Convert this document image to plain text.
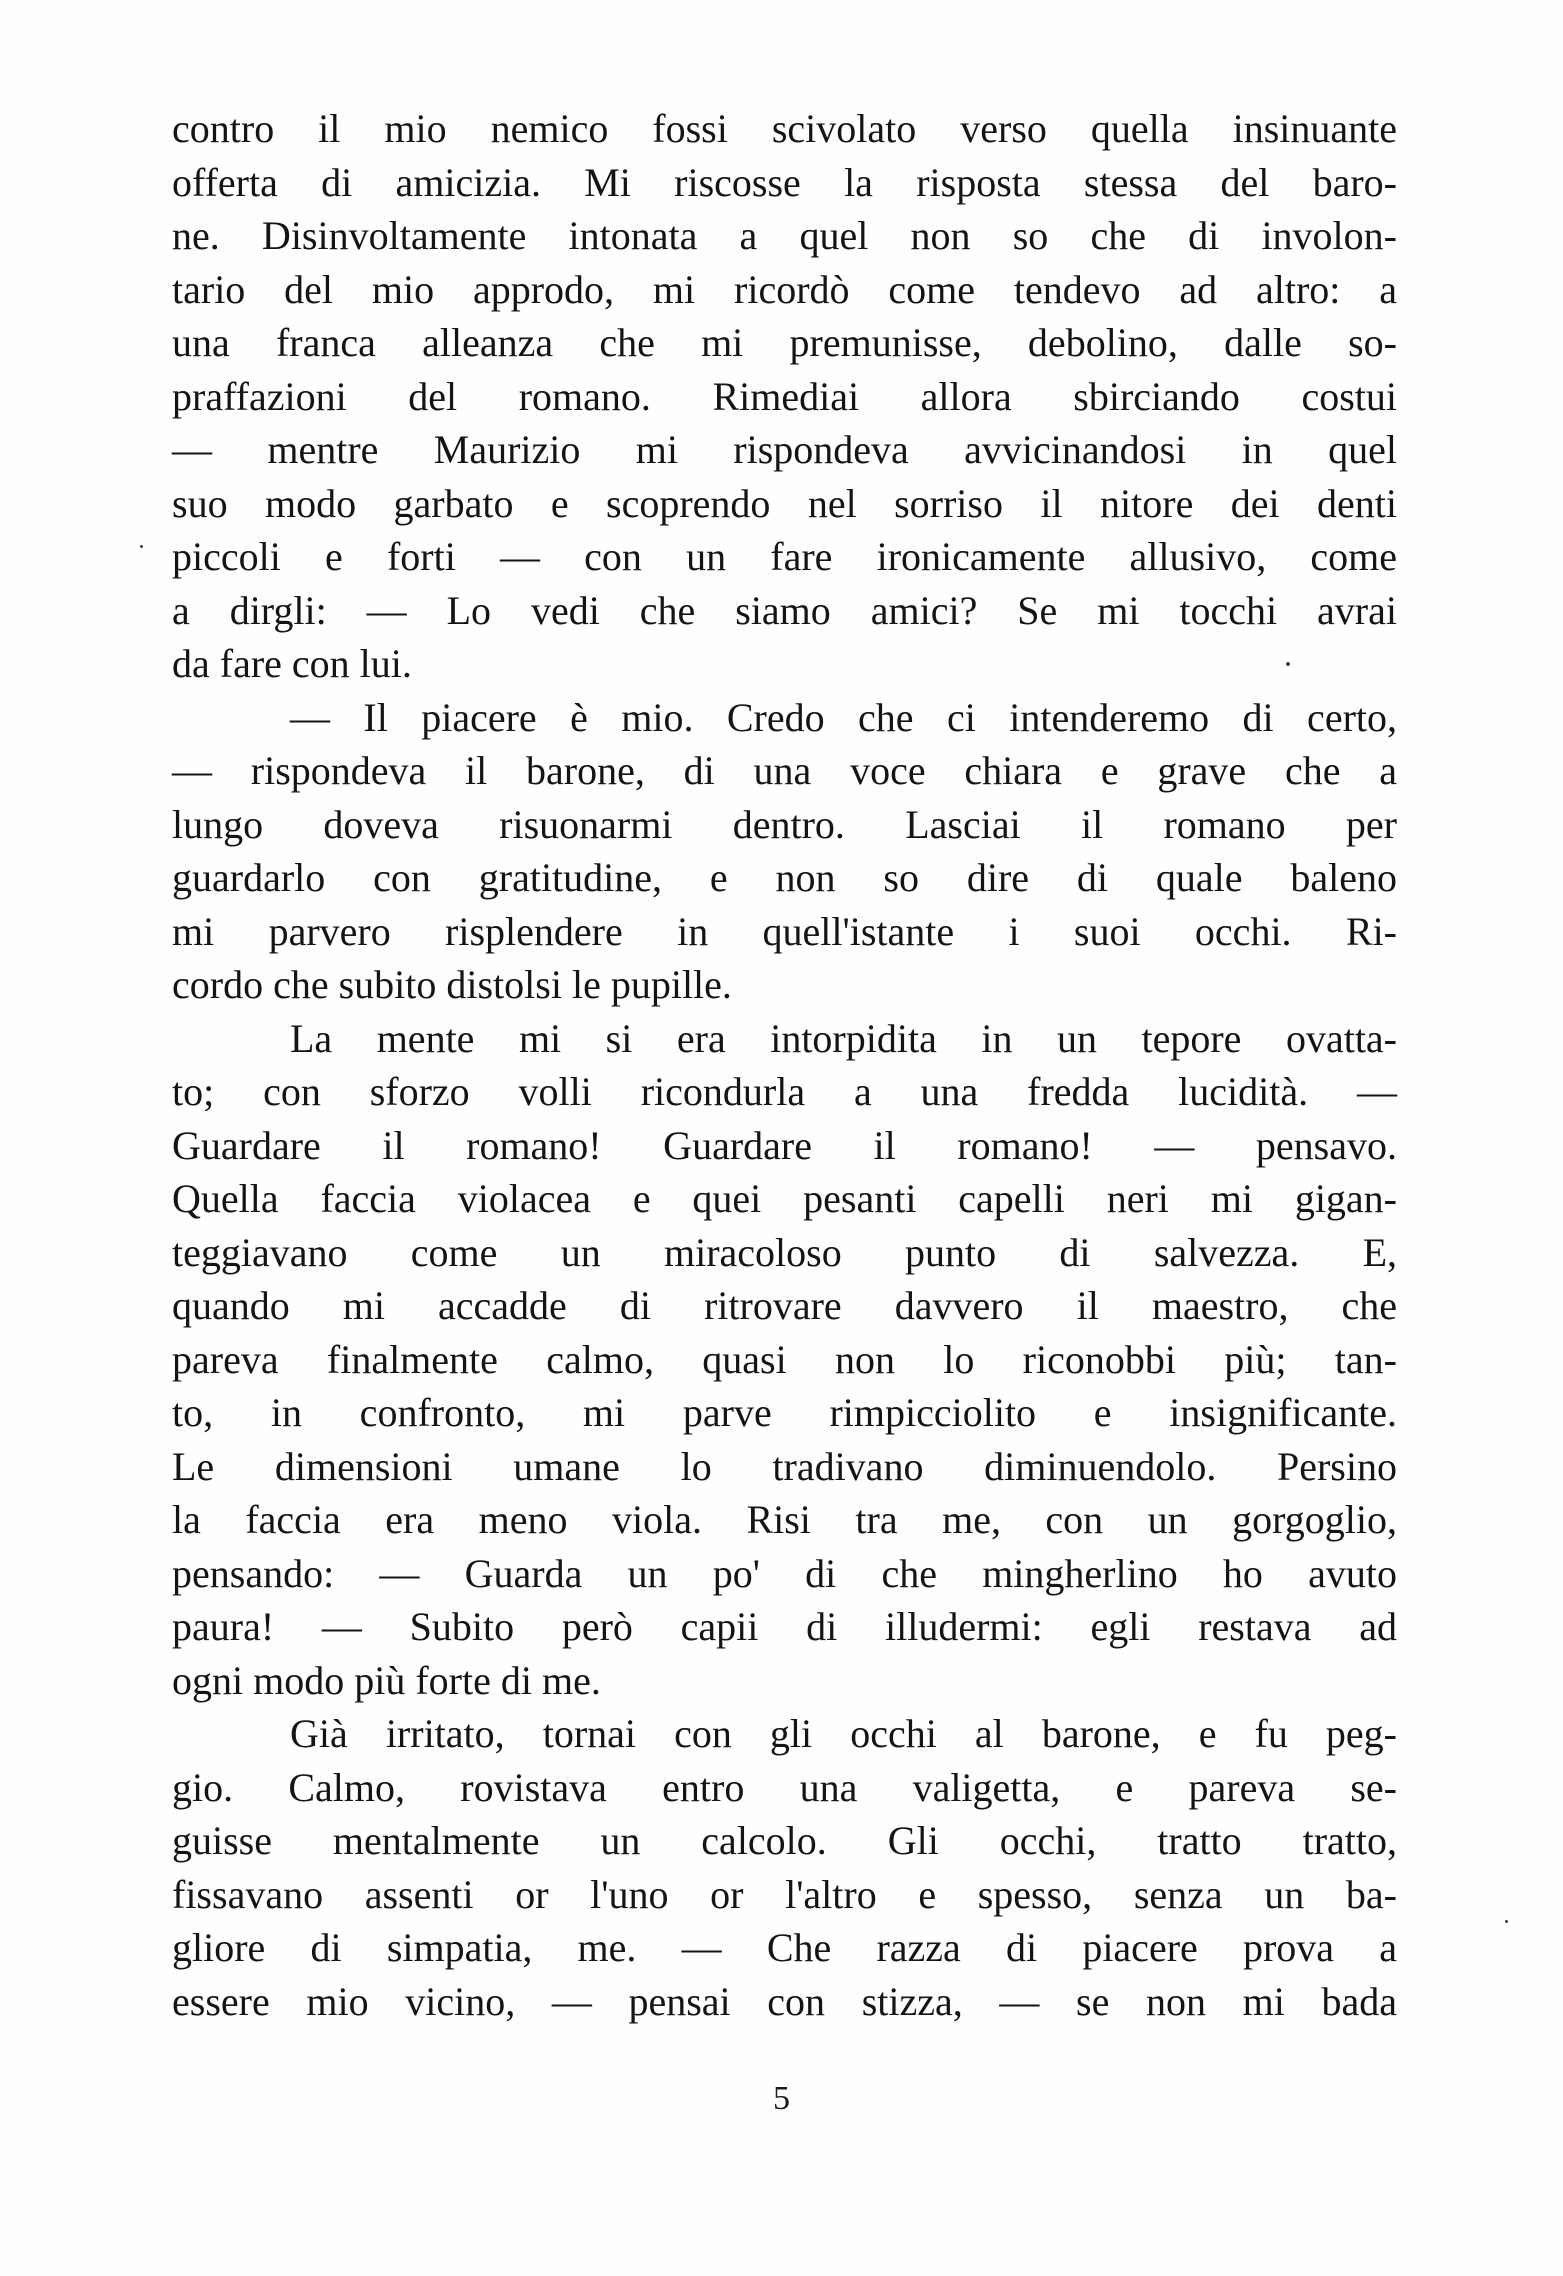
contro il mio nemico fossi scivolato verso quella insinuante
offerta di amicizia. Mi riscosse la risposta stessa del baro-
ne. Disinvoltamente intonata a quel non so che di involon-
tario del mio approdo, mi ricordò come tendevo ad altro: a
una franca alleanza che mi premunisse, debolino, dalle so-
praffazioni del romano. Rimediai allora sbirciando costui
— mentre Maurizio mi rispondeva avvicinandosi in quel
suo modo garbato e scoprendo nel sorriso il nitore dei denti
piccoli e forti — con un fare ironicamente allusivo, come
a dirgli: — Lo vedi che siamo amici? Se mi tocchi avrai
da fare con lui.
— Il piacere è mio. Credo che ci intenderemo di certo,
— rispondeva il barone, di una voce chiara e grave che a
lungo doveva risuonarmi dentro. Lasciai il romano per
guardarlo con gratitudine, e non so dire di quale baleno
mi parvero risplendere in quell'istante i suoi occhi. Ri-
cordo che subito distolsi le pupille.
La mente mi si era intorpidita in un tepore ovatta-
to; con sforzo volli ricondurla a una fredda lucidità. —
Guardare il romano! Guardare il romano! — pensavo.
Quella faccia violacea e quei pesanti capelli neri mi gigan-
teggiavano come un miracoloso punto di salvezza. E,
quando mi accadde di ritrovare davvero il maestro, che
pareva finalmente calmo, quasi non lo riconobbi più; tan-
to, in confronto, mi parve rimpicciolito e insignificante.
Le dimensioni umane lo tradivano diminuendolo. Persino
la faccia era meno viola. Risi tra me, con un gorgoglio,
pensando: — Guarda un po' di che mingherlino ho avuto
paura! — Subito però capii di illudermi: egli restava ad
ogni modo più forte di me.
Già irritato, tornai con gli occhi al barone, e fu peg-
gio. Calmo, rovistava entro una valigetta, e pareva se-
guisse mentalmente un calcolo. Gli occhi, tratto tratto,
fissavano assenti or l'uno or l'altro e spesso, senza un ba-
gliore di simpatia, me. — Che razza di piacere prova a
essere mio vicino, — pensai con stizza, — se non mi bada
5
